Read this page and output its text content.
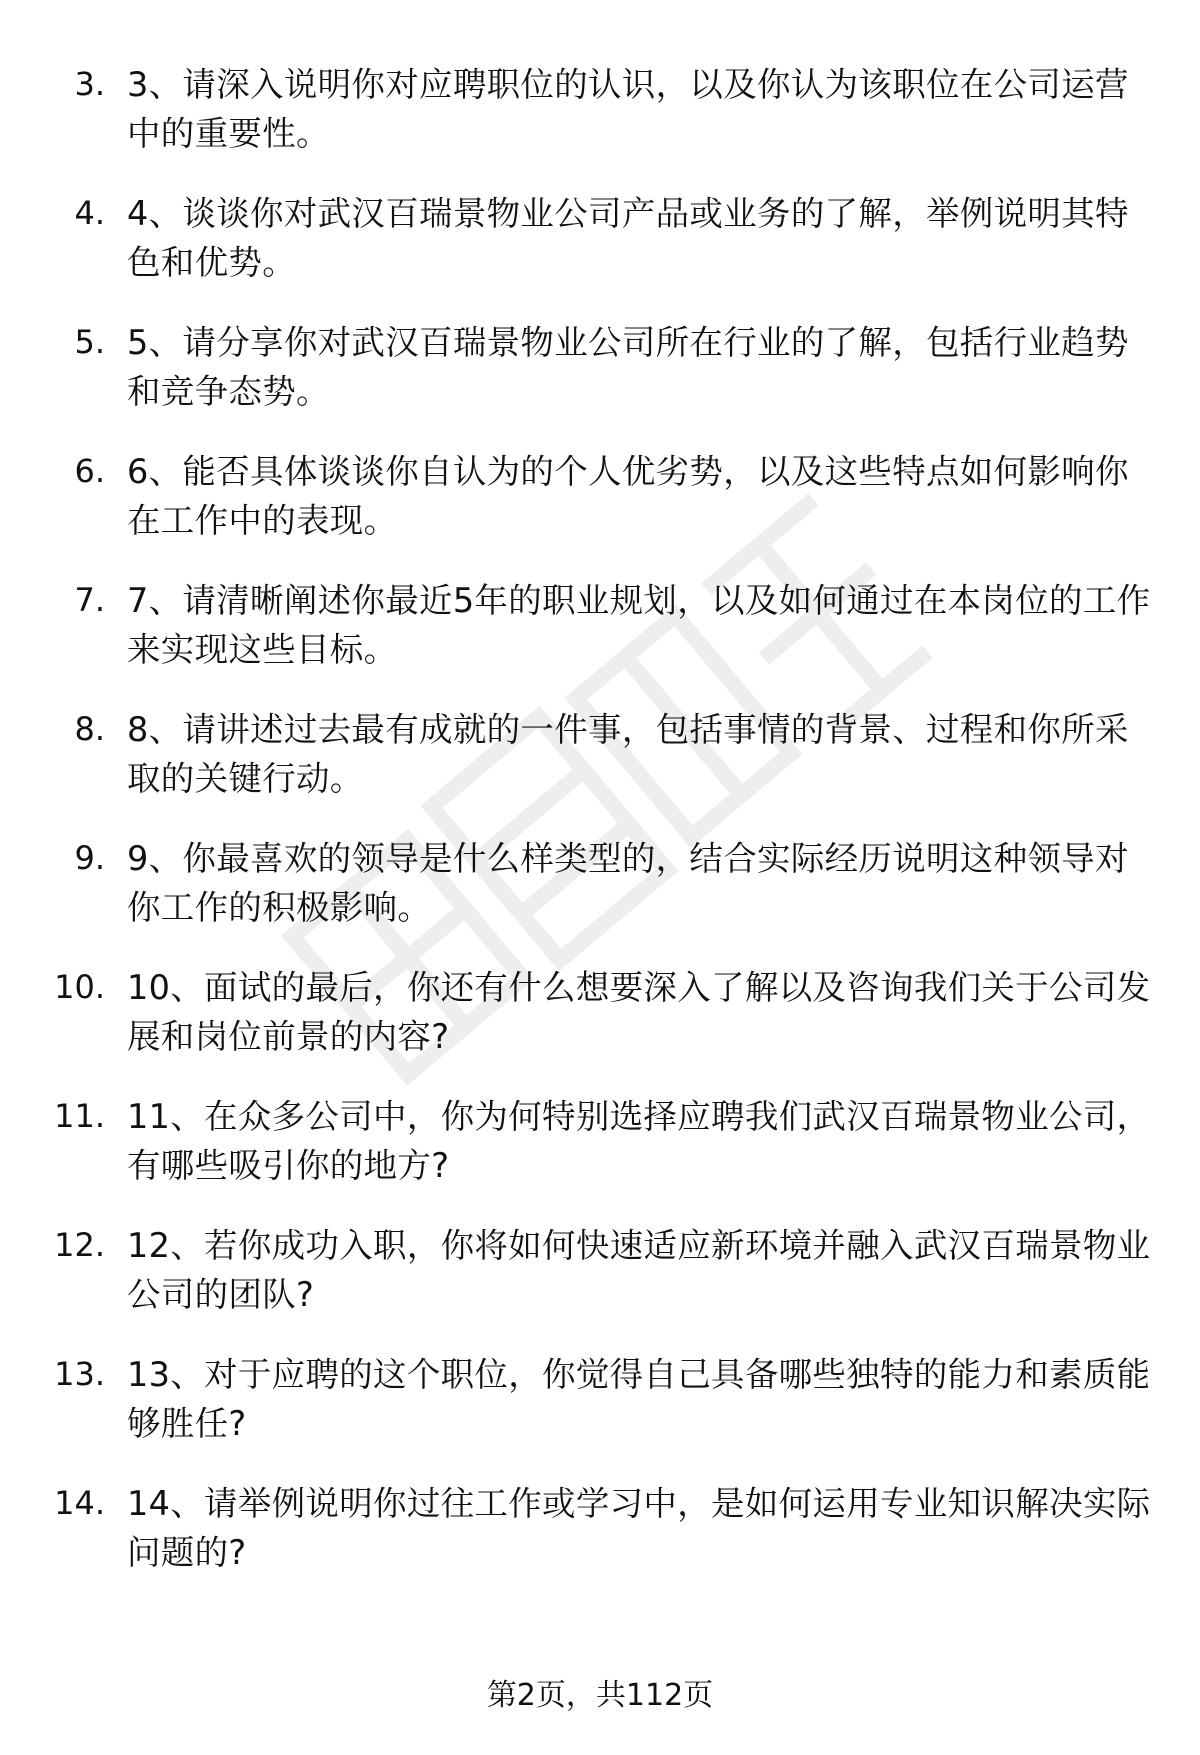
3. 3、请深入说明你对应聘职位的认识，以及你认为该职位在公司运营中的重要性。
4. 4、谈谈你对武汉百瑞景物业公司产品或业务的了解，举例说明其特色和优势。
5. 5、请分享你对武汉百瑞景物业公司所在行业的了解，包括行业趋势和竞争态势。
6. 6、能否具体谈谈你自认为的个人优劣势，以及这些特点如何影响你在工作中的表现。
7. 7、请清晰阐述你最近5年的职业规划，以及如何通过在本岗位的工作来实现这些目标。
8. 8、请讲述过去最有成就的一件事，包括事情的背景、过程和你所采取的关键行动。
9. 9、你最喜欢的领导是什么样类型的，结合实际经历说明这种领导对你工作的积极影响。
10. 10、面试的最后，你还有什么想要深入了解以及咨询我们关于公司发展和岗位前景的内容?
11. 11、在众多公司中，你为何特别选择应聘我们武汉百瑞景物业公司，有哪些吸引你的地方?
12. 12、若你成功入职，你将如何快速适应新环境并融入武汉百瑞景物业公司的团队?
13. 13、对于应聘的这个职位，你觉得自己具备哪些独特的能力和素质能够胜任?
14. 14、请举例说明你过往工作或学习中，是如何运用专业知识解决实际问题的?
第2页，共112页
